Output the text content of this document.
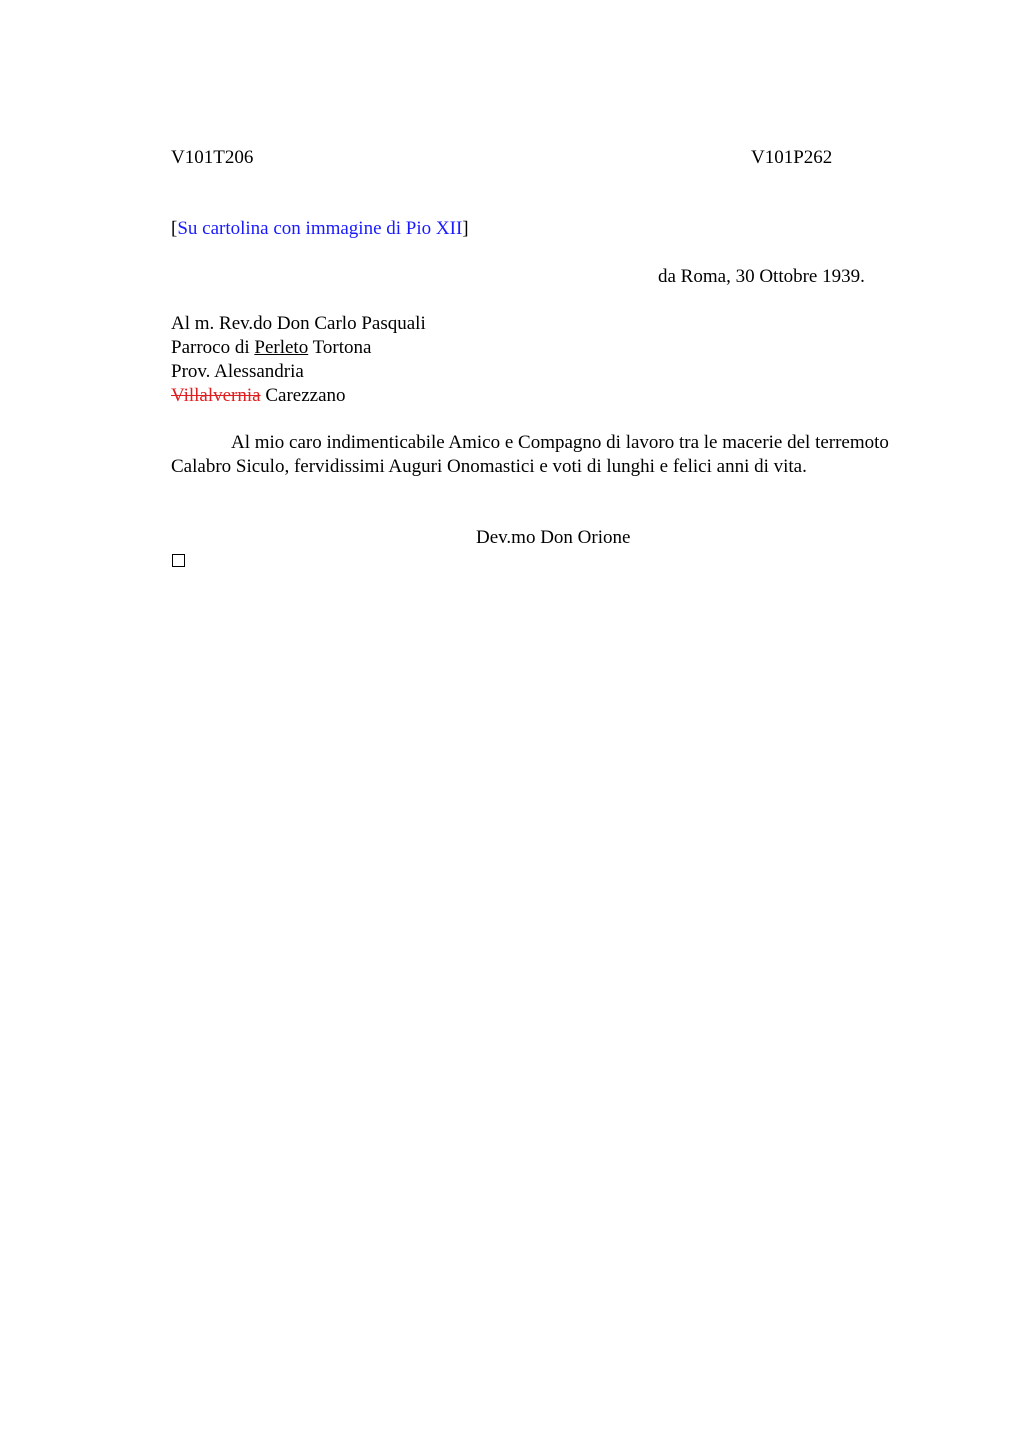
V101T206	V101P262
[Su cartolina con immagine di Pio XII]
da Roma, 30 Ottobre 1939.
Al m. Rev.do Don Carlo Pasquali
Parroco di Perleto Tortona
Prov. Alessandria
Villalvernia Carezzano
Al mio caro indimenticabile Amico e Compagno di lavoro tra le macerie del terremoto Calabro Siculo, fervidissimi Auguri Onomastici e voti di lunghi e felici anni di vita.
Dev.mo Don Orione
